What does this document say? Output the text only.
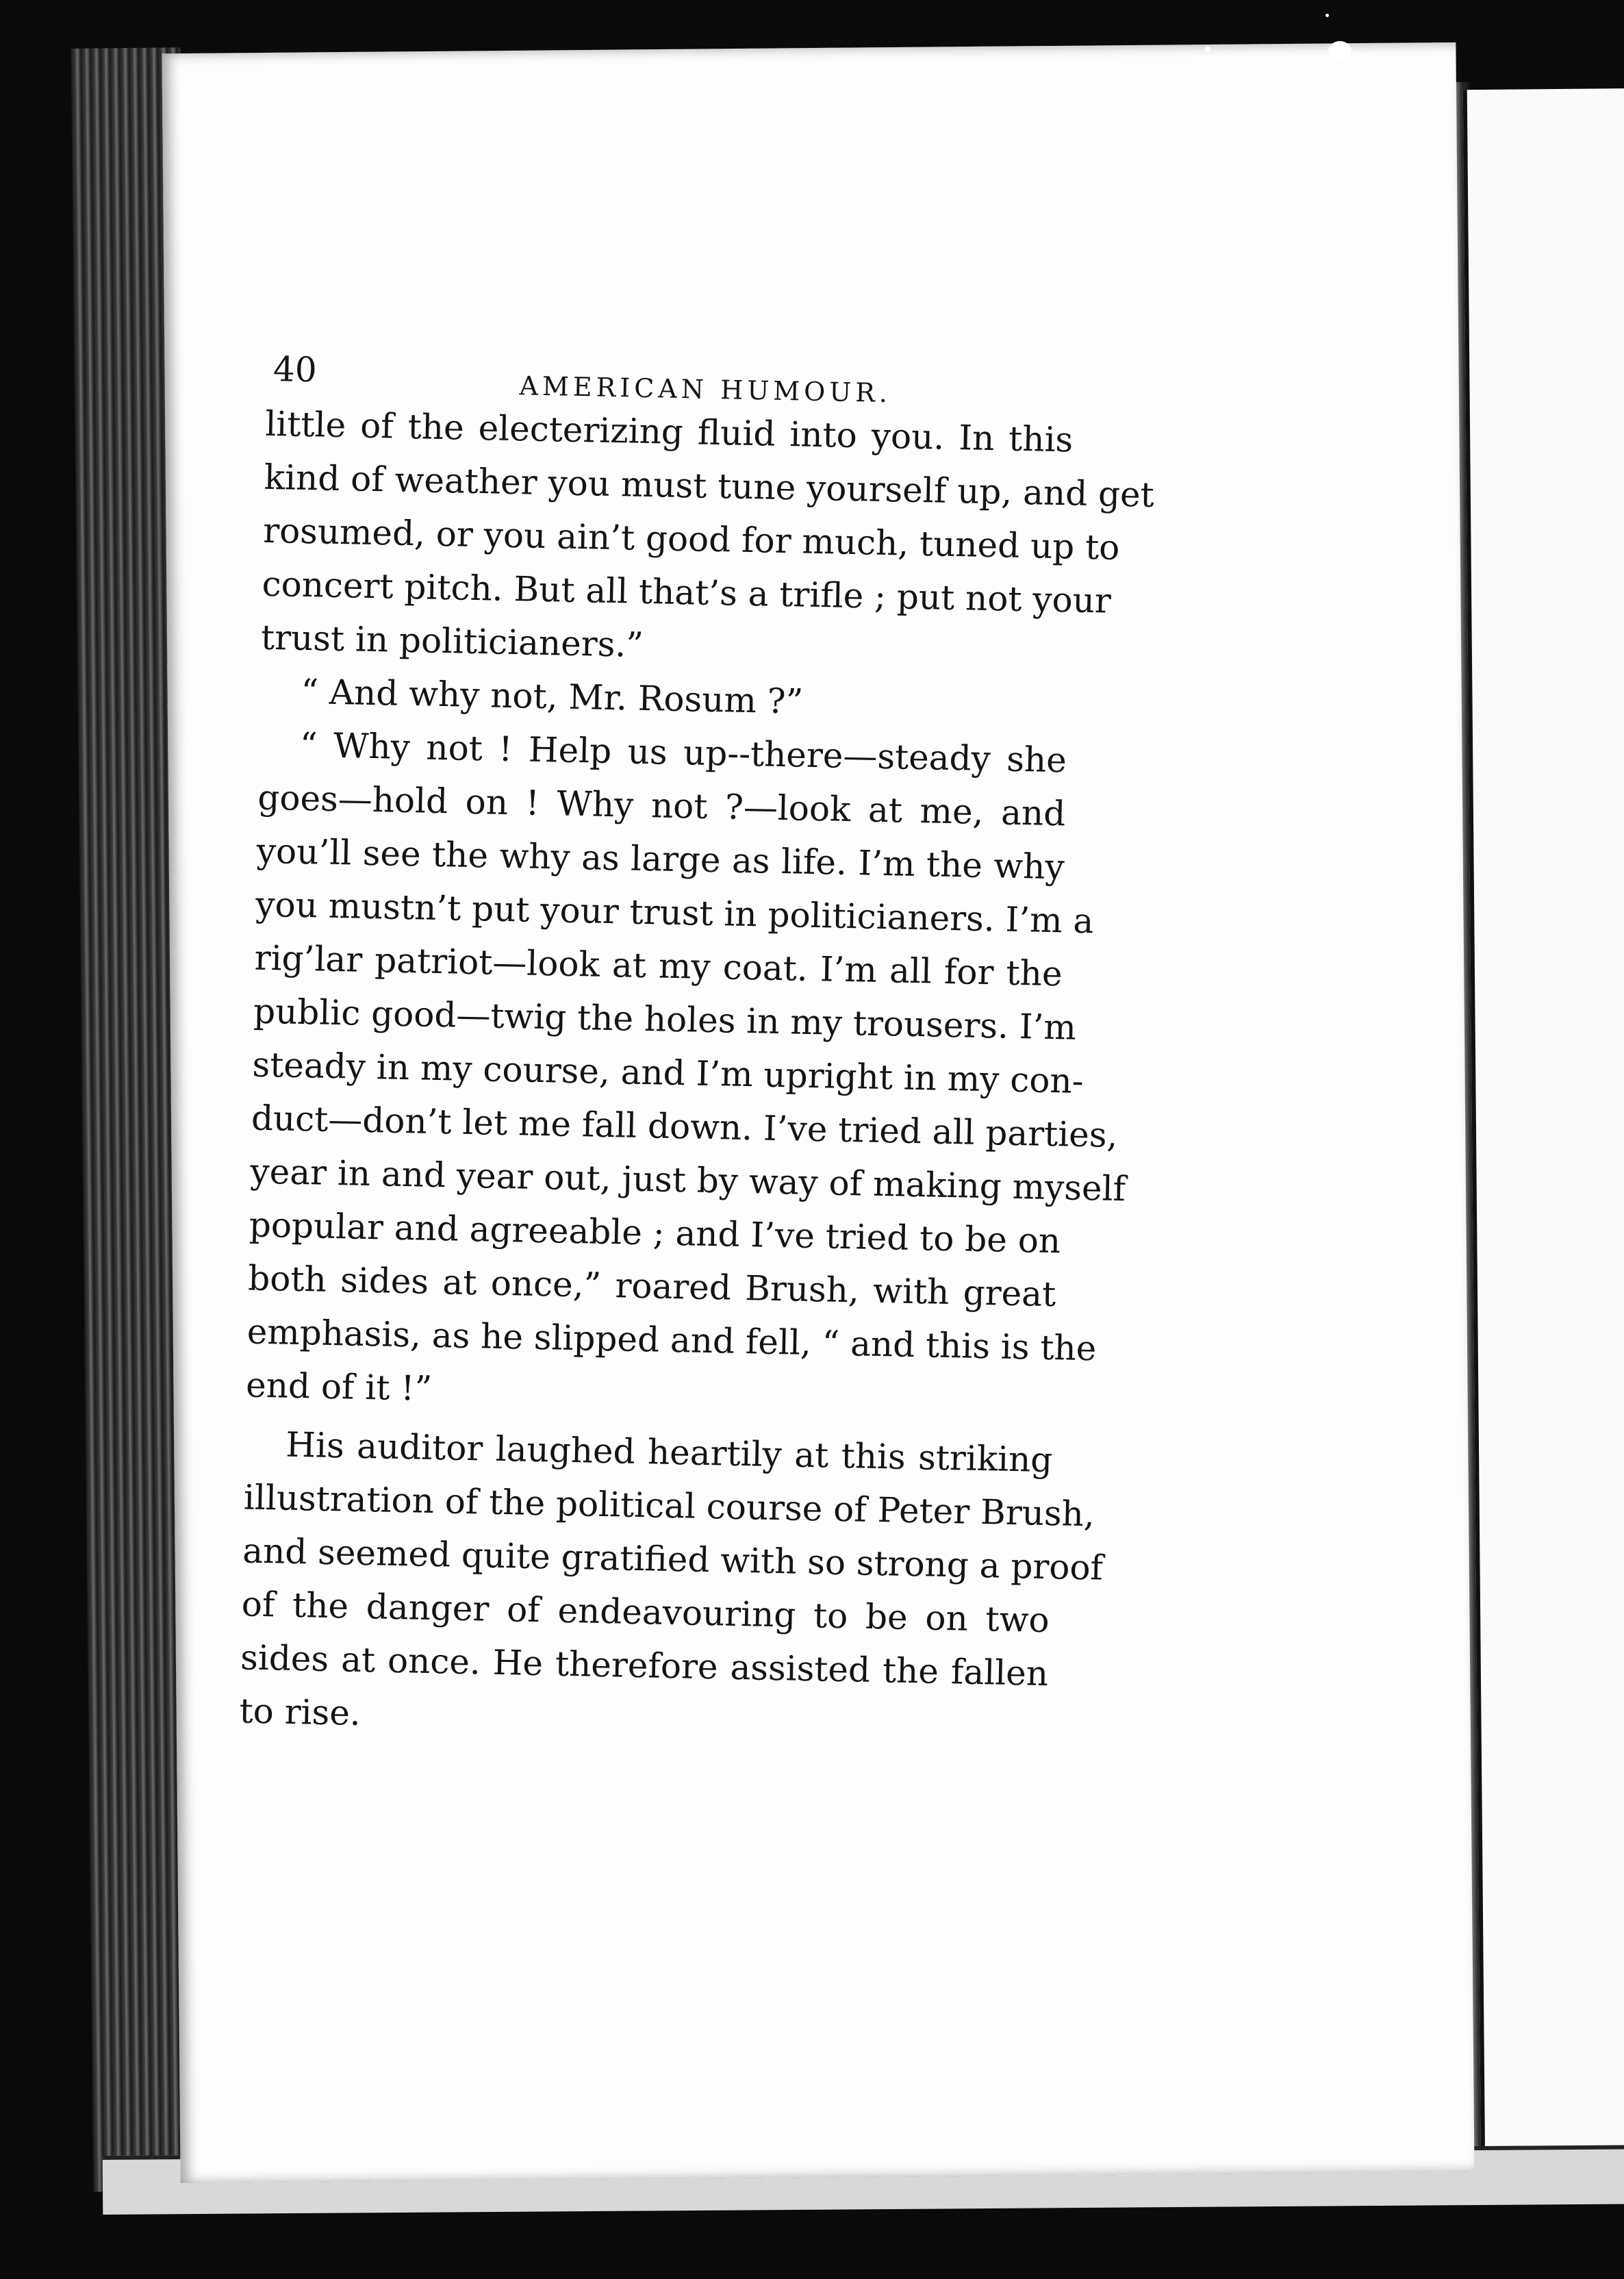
40	AMERICAN HUMOUR.
little of the electerizing fluid into you. In this
kind of weather you must tune yourself up, and get
rosumed, or you ain’t good for much, tuned up to
concert pitch. But all that’s a trifle ; put not your
trust in politicianers.”
“ And why not, Mr. Rosum ?”
“ Why not ! Help us up--there—steady she
goes—hold on ! Why not ?—look at me, and
you’ll see the why as large as life. I’m the why
you mustn’t put your trust in politicianers. I’m a
rig’lar patriot—look at my coat. I’m all for the
public good—twig the holes in my trousers. I’m
steady in my course, and I’m upright in my con-
duct—don’t let me fall down. I’ve tried all parties,
year in and year out, just by way of making myself
popular and agreeable ; and I’ve tried to be on
both sides at once,” roared Brush, with great
emphasis, as he slipped and fell, “ and this is the
end of it !”
His auditor laughed heartily at this striking
illustration of the political course of Peter Brush,
and seemed quite gratified with so strong a proof
of the danger of endeavouring to be on two
sides at once. He therefore assisted the fallen
to rise.
